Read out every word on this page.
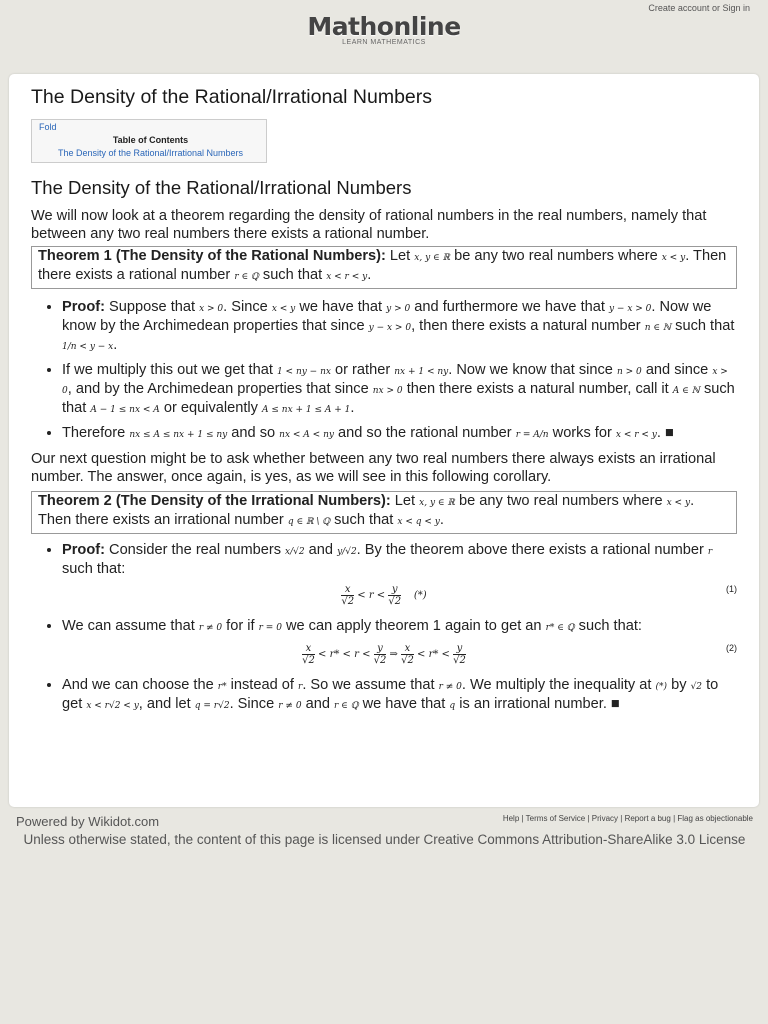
Create account or Sign in
Mathonline
LEARN MATHEMATICS
The Density of the Rational/Irrational Numbers
Fold
Table of Contents
The Density of the Rational/Irrational Numbers
The Density of the Rational/Irrational Numbers

We will now look at a theorem regarding the density of rational numbers in the real numbers, namely that between any two real numbers there exists a rational number.

Theorem 1 (The Density of the Rational Numbers): Let x, y ∈ ℝ be any two real numbers where x < y. Then there exists a rational number r ∈ ℚ such that x < r < y.
• Proof: Suppose that x > 0. Since x < y we have that y > 0 and furthermore we have that y − x > 0. Now we know by the Archimedean properties that since y − x > 0, then there exists a natural number n ∈ ℕ such that 1/n < y − x.
• If we multiply this out we get that 1 < ny − nx or rather nx + 1 < ny. Now we know that since n > 0 and since x > 0, and by the Archimedean properties that since nx > 0 then there exists a natural number, call it A ∈ ℕ such that A − 1 ≤ nx < A or equivalently A ≤ nx + 1 ≤ A + 1.
• Therefore nx ≤ A ≤ nx + 1 ≤ ny and so nx < A < ny and so the rational number r = A/n works for x < r < y. ■

Our next question might be to ask whether between any two real numbers there always exists an irrational number. The answer, once again, is yes, as we will see in this following corollary.

Theorem 2 (The Density of the Irrational Numbers): Let x, y ∈ ℝ be any two real numbers where x < y. Then there exists an irrational number q ∈ ℝ \ ℚ such that x < q < y.
• Proof: Consider the real numbers x/√2 and y/√2. By the theorem above there exists a rational number r such that:
$\frac{x}{√2} < r < \frac{y}{√2}$ (*)
(1)
• We can assume that r ≠ 0 for if r = 0 we can apply theorem 1 again to get an r* ∈ ℚ such that:
$\frac{x}{√2} < r* < r < \frac{y}{√2}$ ⇒ $\frac{x}{√2} < r* < \frac{y}{√2}$	(2)
• And we can choose the r* instead of r. So we assume that r ≠ 0. We multiply the inequality at (*) by √2 to get x < r√2 < y, and let q = r√2. Since r ≠ 0 and r ∈ ℚ we have that q is an irrational number. ■
Powered by Wikidot.com	Help | Terms of Service | Privacy | Report a bug | Flag as objectionable
Unless otherwise stated, the content of this page is licensed under Creative Commons Attribution-ShareAlike 3.0 License
